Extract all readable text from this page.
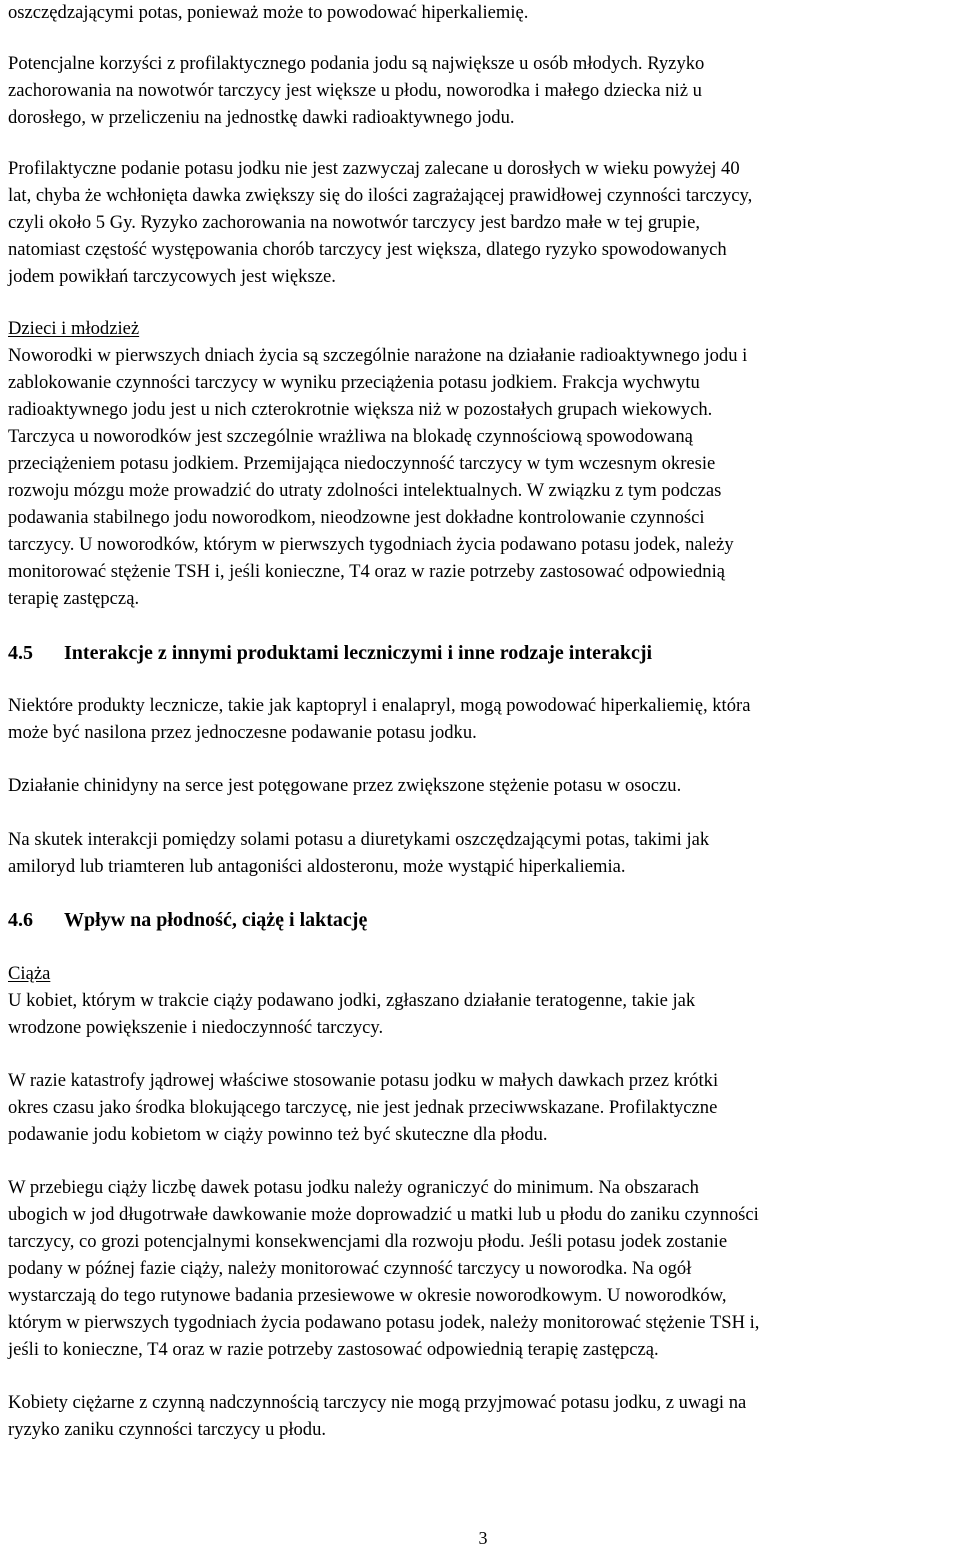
oszczędzającymi potas, ponieważ może to powodować hiperkaliemię.

Potencjalne korzyści z profilaktycznego podania jodu są największe u osób młodych. Ryzyko
zachorowania na nowotwór tarczycy jest większe u płodu, noworodka i małego dziecka niż u
dorosłego, w przeliczeniu na jednostkę dawki radioaktywnego jodu.

Profilaktyczne podanie potasu jodku nie jest zazwyczaj zalecane u dorosłych w wieku powyżej 40
lat, chyba że wchłonięta dawka zwiększy się do ilości zagrażającej prawidłowej czynności tarczycy,
czyli około 5 Gy. Ryzyko zachorowania na nowotwór tarczycy jest bardzo małe w tej grupie,
natomiast częstość występowania chorób tarczycy jest większa, dlatego ryzyko spowodowanych
jodem powikłań tarczycowych jest większe.

Dzieci i młodzież

Noworodki w pierwszych dniach życia są szczególnie narażone na działanie radioaktywnego jodu i
zablokowanie czynności tarczycy w wyniku przeciążenia potasu jodkiem. Frakcja wychwytu
radioaktywnego jodu jest u nich czterokrotnie większa niż w pozostałych grupach wiekowych.
Tarczyca u noworodków jest szczególnie wrażliwa na blokadę czynnościową spowodowaną
przeciążeniem potasu jodkiem. Przemijająca niedoczynność tarczycy w tym wczesnym okresie
rozwoju mózgu może prowadzić do utraty zdolności intelektualnych. W związku z tym podczas
podawania stabilnego jodu noworodkom, nieodzowne jest dokładne kontrolowanie czynności
tarczycy. U noworodków, którym w pierwszych tygodniach życia podawano potasu jodek, należy
monitorować stężenie TSH i, jeśli konieczne, T4 oraz w razie potrzeby zastosować odpowiednią
terapię zastępczą.

4.5 Interakcje z innymi produktami leczniczymi i inne rodzaje interakcji

Niektóre produkty lecznicze, takie jak kaptopryl i enalapryl, mogą powodować hiperkaliemię, która
może być nasilona przez jednoczesne podawanie potasu jodku.

Działanie chinidyny na serce jest potęgowane przez zwiększone stężenie potasu w osoczu.

Na skutek interakcji pomiędzy solami potasu a diuretykami oszczędzającymi potas, takimi jak
amiloryd lub triamteren lub antagoniści aldosteronu, może wystąpić hiperkaliemia.

4.6 Wpływ na płodność, ciążę i laktację

Ciąża

U kobiet, którym w trakcie ciąży podawano jodki, zgłaszano działanie teratogenne, takie jak
wrodzone powiększenie i niedoczynność tarczycy.

W razie katastrofy jądrowej właściwe stosowanie potasu jodku w małych dawkach przez krótki
okres czasu jako środka blokującego tarczycę, nie jest jednak przeciwwskazane. Profilaktyczne
podawanie jodu kobietom w ciąży powinno też być skuteczne dla płodu.

W przebiegu ciąży liczbę dawek potasu jodku należy ograniczyć do minimum. Na obszarach
ubogich w jod długotrwałe dawkowanie może doprowadzić u matki lub u płodu do zaniku czynności
tarczycy, co grozi potencjalnymi konsekwencjami dla rozwoju płodu. Jeśli potasu jodek zostanie
podany w późnej fazie ciąży, należy monitorować czynność tarczycy u noworodka. Na ogół
wystarczają do tego rutynowe badania przesiewowe w okresie noworodkowym. U noworodków,
którym w pierwszych tygodniach życia podawano potasu jodek, należy monitorować stężenie TSH i,
jeśli to konieczne, T4 oraz w razie potrzeby zastosować odpowiednią terapię zastępczą.

Kobiety ciężarne z czynną nadczynnością tarczycy nie mogą przyjmować potasu jodku, z uwagi na
ryzyko zaniku czynności tarczycy u płodu.

3
